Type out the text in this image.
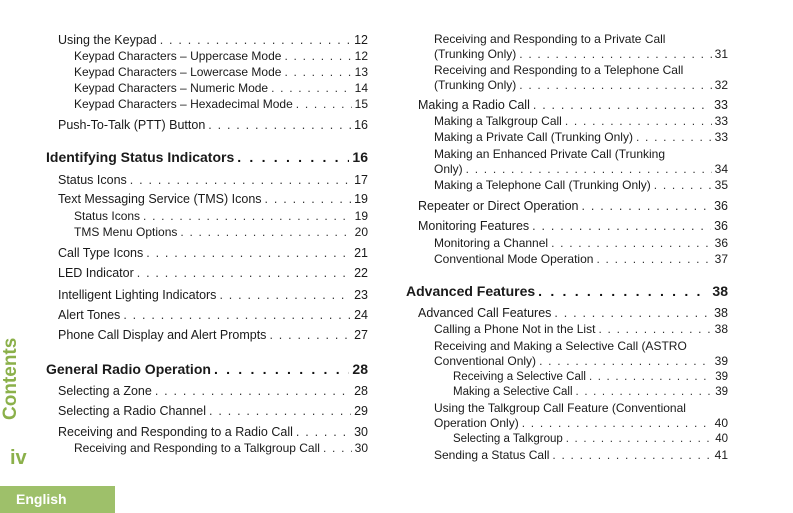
Using the Keypad . . .	12
Keypad Characters – Uppercase Mode . . .	12
Keypad Characters – Lowercase Mode . . .	13
Keypad Characters – Numeric Mode . . .	14
Keypad Characters – Hexadecimal Mode . . .	15
Push-To-Talk (PTT) Button . . .	16
Identifying Status Indicators . . .	16
Status Icons . . .	17
Text Messaging Service (TMS) Icons . . .	19
Status Icons . . .	19
TMS Menu Options . . .	20
Call Type Icons . . .	21
LED Indicator . . .	22
Intelligent Lighting Indicators . . .	23
Alert Tones . . .	24
Phone Call Display and Alert Prompts . . .	27
General Radio Operation . . .	28
Selecting a Zone . . .	28
Selecting a Radio Channel . . .	29
Receiving and Responding to a Radio Call . . .	30
Receiving and Responding to a Talkgroup Call . . .	30
Receiving and Responding to a Private Call
(Trunking Only) . . .	31
Receiving and Responding to a Telephone Call
(Trunking Only) . . .	32
Making a Radio Call . . .	33
Making a Talkgroup Call . . .	33
Making a Private Call (Trunking Only) . . .	33
Making an Enhanced Private Call (Trunking
Only) . . .	34
Making a Telephone Call (Trunking Only) . . .	35
Repeater or Direct Operation . . .	36
Monitoring Features . . .	36
Monitoring a Channel . . .	36
Conventional Mode Operation . . .	37
Advanced Features . . .	38
Advanced Call Features . . .	38
Calling a Phone Not in the List . . .	38
Receiving and Making a Selective Call (ASTRO
Conventional Only) . . .	39
Receiving a Selective Call . . .	39
Making a Selective Call . . .	39
Using the Talkgroup Call Feature (Conventional
Operation Only) . . .	40
Selecting a Talkgroup . . .	40
Sending a Status Call . . .	41
Contents
iv
English
